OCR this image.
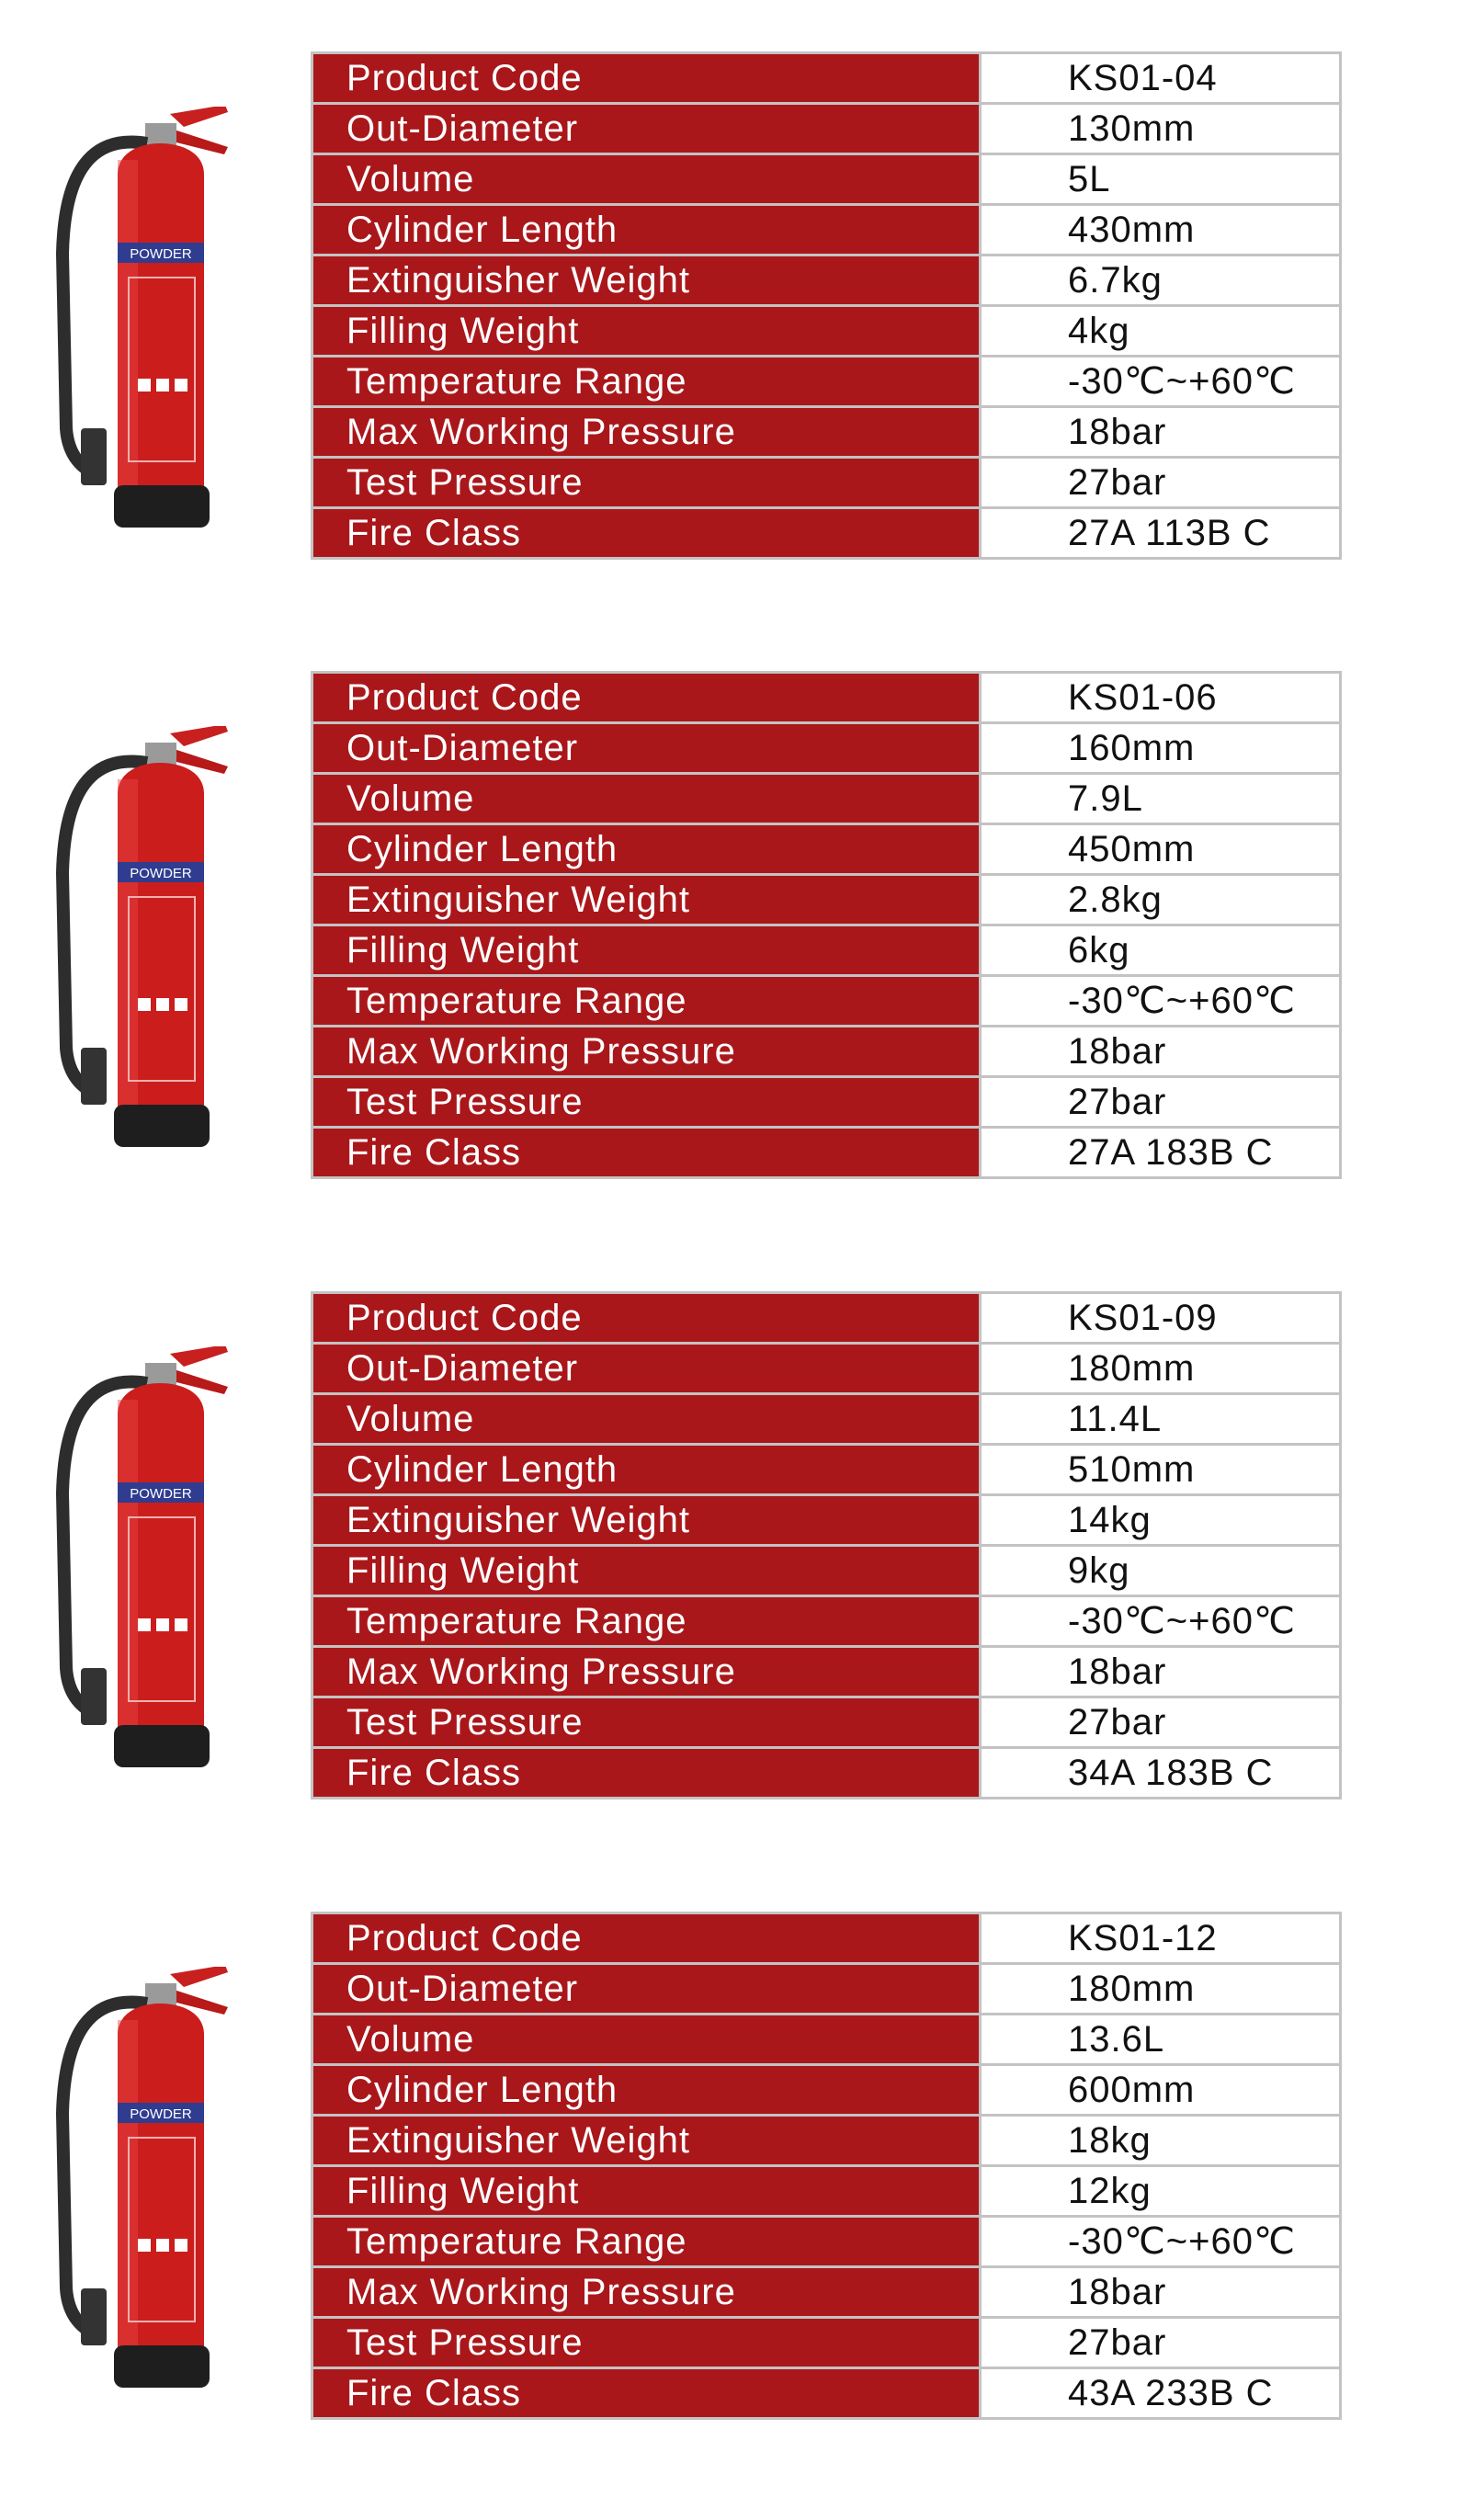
POWDER
Product Code	KS01-04
Out-Diameter	130mm
Volume	5L
Cylinder Length	430mm
Extinguisher Weight	6.7kg
Filling Weight	4kg
Temperature Range	-30℃~+60℃
Max Working Pressure	18bar
Test Pressure	27bar
Fire Class	27A 113B C
POWDER
Product Code	KS01-06
Out-Diameter	160mm
Volume	7.9L
Cylinder Length	450mm
Extinguisher Weight	2.8kg
Filling Weight	6kg
Temperature Range	-30℃~+60℃
Max Working Pressure	18bar
Test Pressure	27bar
Fire Class	27A 183B C
POWDER
Product Code	KS01-09
Out-Diameter	180mm
Volume	11.4L
Cylinder Length	510mm
Extinguisher Weight	14kg
Filling Weight	9kg
Temperature Range	-30℃~+60℃
Max Working Pressure	18bar
Test Pressure	27bar
Fire Class	34A 183B C
POWDER
Product Code	KS01-12
Out-Diameter	180mm
Volume	13.6L
Cylinder Length	600mm
Extinguisher Weight	18kg
Filling Weight	12kg
Temperature Range	-30℃~+60℃
Max Working Pressure	18bar
Test Pressure	27bar
Fire Class	43A 233B C
